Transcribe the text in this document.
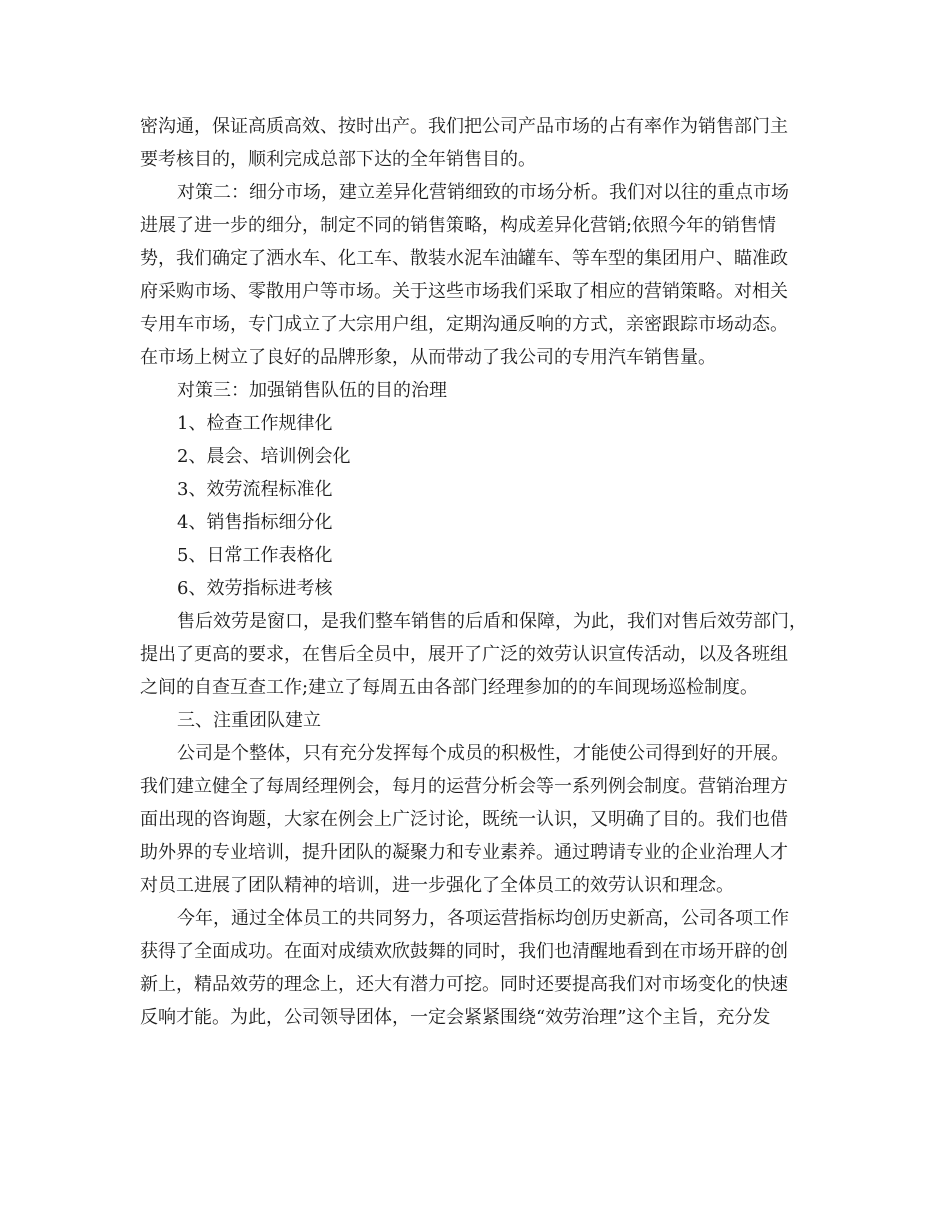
密沟通，保证高质高效、按时出产。我们把公司产品市场的占有率作为销售部门主
要考核目的，顺利完成总部下达的全年销售目的。
对策二：细分市场，建立差异化营销细致的市场分析。我们对以往的重点市场
进展了进一步的细分，制定不同的销售策略，构成差异化营销;依照今年的销售情
势，我们确定了洒水车、化工车、散装水泥车油罐车、等车型的集团用户、瞄准政
府采购市场、零散用户等市场。关于这些市场我们采取了相应的营销策略。对相关
专用车市场，专门成立了大宗用户组，定期沟通反响的方式，亲密跟踪市场动态。
在市场上树立了良好的品牌形象，从而带动了我公司的专用汽车销售量。
对策三：加强销售队伍的目的治理
1、检查工作规律化
2、晨会、培训例会化
3、效劳流程标准化
4、销售指标细分化
5、日常工作表格化
6、效劳指标进考核
售后效劳是窗口，是我们整车销售的后盾和保障，为此，我们对售后效劳部门，
提出了更高的要求，在售后全员中，展开了广泛的效劳认识宣传活动，以及各班组
之间的自查互查工作;建立了每周五由各部门经理参加的的车间现场巡检制度。
三、注重团队建立
公司是个整体，只有充分发挥每个成员的积极性，才能使公司得到好的开展。
我们建立健全了每周经理例会，每月的运营分析会等一系列例会制度。营销治理方
面出现的咨询题，大家在例会上广泛讨论，既统一认识，又明确了目的。我们也借
助外界的专业培训，提升团队的凝聚力和专业素养。通过聘请专业的企业治理人才
对员工进展了团队精神的培训，进一步强化了全体员工的效劳认识和理念。
今年，通过全体员工的共同努力，各项运营指标均创历史新高，公司各项工作
获得了全面成功。在面对成绩欢欣鼓舞的同时，我们也清醒地看到在市场开辟的创
新上，精品效劳的理念上，还大有潜力可挖。同时还要提高我们对市场变化的快速
反响才能。为此，公司领导团体，一定会紧紧围绕“效劳治理”这个主旨，充分发
